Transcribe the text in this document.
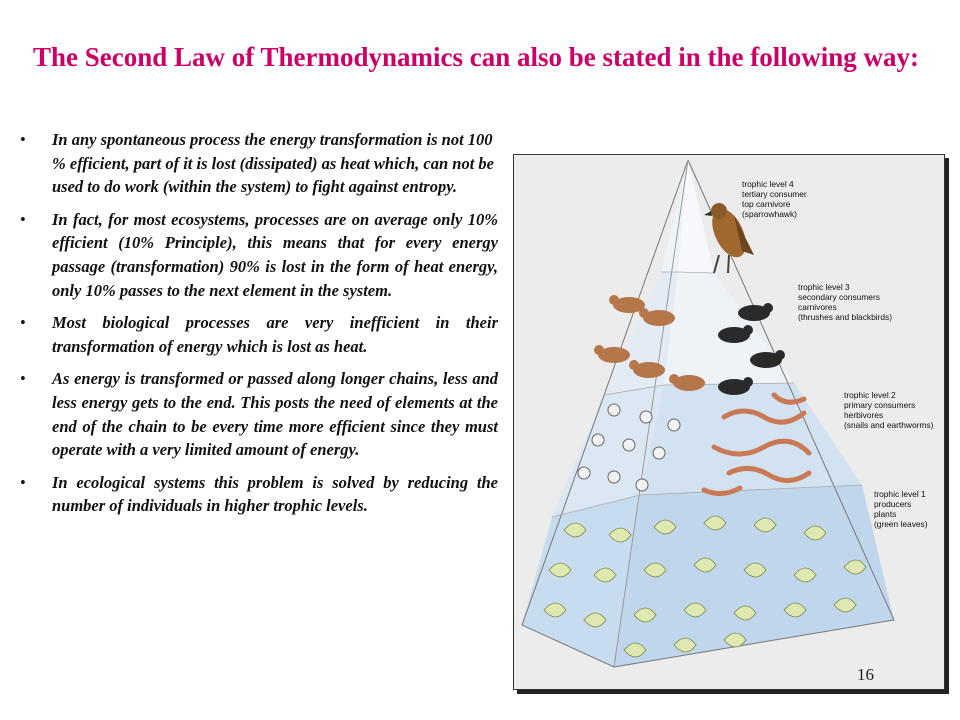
The Second Law of Thermodynamics can also be stated in the following way:
• In any spontaneous process the energy transformation is not 100 % efficient, part of it is lost (dissipated) as heat which, can not be used to do work (within the system) to fight against entropy.
• In fact, for most ecosystems, processes are on average only 10% efficient (10% Principle), this means that for every energy passage (transformation) 90% is lost in the form of heat energy, only 10% passes to the next element in the system.
• Most biological processes are very inefficient in their transformation of energy which is lost as heat.
• As energy is transformed or passed along longer chains, less and less energy gets to the end. This posts the need of elements at the end of the chain to be every time more efficient since they must operate with a very limited amount of energy.
• In ecological systems this problem is solved by reducing the number of individuals in higher trophic levels.
trophic level 4
tertiary consumer
top carnivore
(sparrowhawk)
trophic level 3
secondary consumers
carnivores
(thrushes and blackbirds)
trophic level 2
primary consumers
herbivores
(snails and earthworms)
trophic level 1
producers
plants
(green leaves)
16
